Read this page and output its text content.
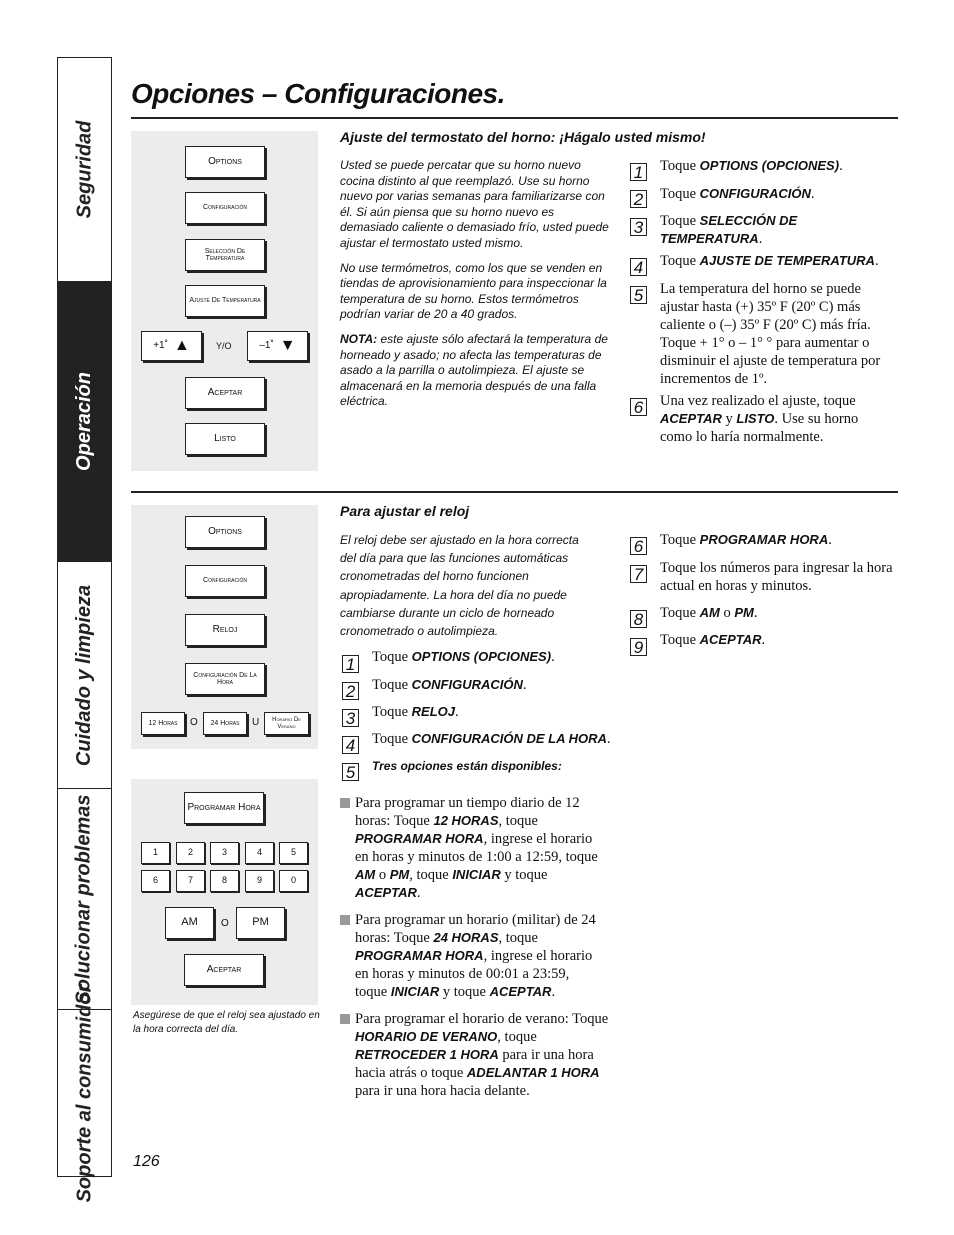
Seguridad
Operación
Cuidado y limpieza
Solucionar problemas
Soporte al consumidor
Opciones – Configuraciones.
Options
Configuración
Selección De Temperatura
Ajuste De Temperatura
+1˚ ▲	Y/O	–1˚ ▼
Aceptar
Listo
Ajuste del termostato del horno: ¡Hágalo usted mismo!

Usted se puede percatar que su horno nuevo cocina distinto al que reemplazó. Use su horno nuevo por varias semanas para familiarizarse con él. Si aún piensa que su horno nuevo es demasiado caliente o demasiado frío, usted puede ajustar el termostato usted mismo.

No use termómetros, como los que se venden en tiendas de aprovisionamiento para inspeccionar la temperatura de su horno. Estos termómetros podrían variar de 20 a 40 grados.

NOTA: este ajuste sólo afectará la temperatura de horneado y asado; no afecta las temperaturas de asado a la parrilla o autolimpieza. El ajuste se almacenará en la memoria después de una falla eléctrica.

1 Toque OPTIONS (OPCIONES).
2 Toque CONFIGURACIÓN.
3 Toque SELECCIÓN DE TEMPERATURA.
4 Toque AJUSTE DE TEMPERATURA.
5 La temperatura del horno se puede ajustar hasta (+) 35º F (20º C) más caliente o (–) 35º F (20º C) más fría. Toque + 1° o – 1° ° para aumentar o disminuir el ajuste de temperatura por incrementos de 1º.
6 Una vez realizado el ajuste, toque ACEPTAR y LISTO. Use su horno como lo haría normalmente.
Options
Configuración
Reloj
Configuración De La Hora
12 Horas	O	24 Horas	U	Horario De Verano
Programar Hora
1	2	3	4	5
6	7	8	9	0
AM	O	PM
Aceptar
Asegúrese de que el reloj sea ajustado en la hora correcta del día.
Para ajustar el reloj
El reloj debe ser ajustado en la hora correcta del día para que las funciones automáticas cronometradas del horno funcionen apropiadamente. La hora del día no puede cambiarse durante un ciclo de horneado cronometrado o autolimpieza.
1 Toque OPTIONS (OPCIONES).
2 Toque CONFIGURACIÓN.
3 Toque RELOJ.
4 Toque CONFIGURACIÓN DE LA HORA.
5	Tres opciones están disponibles:
Para programar un tiempo diario de 12 horas: Toque 12 HORAS, toque PROGRAMAR HORA, ingrese el horario en horas y minutos de 1:00 a 12:59, toque AM o PM, toque INICIAR y toque ACEPTAR.
Para programar un horario (militar) de 24 horas: Toque 24 HORAS, toque PROGRAMAR HORA, ingrese el horario en horas y minutos de 00:01 a 23:59, toque INICIAR y toque ACEPTAR.
Para programar el horario de verano: Toque HORARIO DE VERANO, toque RETROCEDER 1 HORA para ir una hora hacia atrás o toque ADELANTAR 1 HORA para ir una hora hacia delante.
6 Toque PROGRAMAR HORA.
7 Toque los números para ingresar la hora actual en horas y minutos.
8 Toque AM o PM.
9 Toque ACEPTAR.
126
